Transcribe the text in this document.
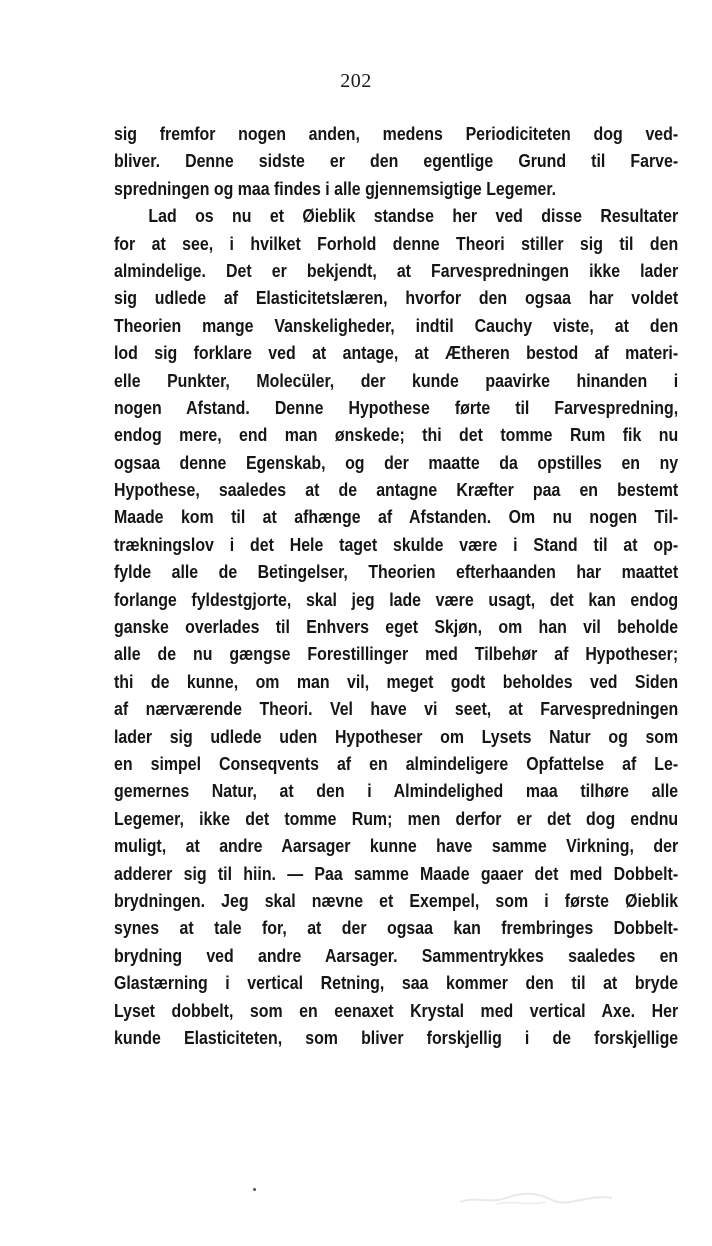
202
sig fremfor nogen anden, medens Periodiciteten dog ved-
bliver. Denne sidste er den egentlige Grund til Farve-
spredningen og maa findes i alle gjennemsigtige Legemer.
Lad os nu et Øieblik standse her ved disse Resultater
for at see, i hvilket Forhold denne Theori stiller sig til den
almindelige. Det er bekjendt, at Farvespredningen ikke lader
sig udlede af Elasticitetslæren, hvorfor den ogsaa har voldet
Theorien mange Vanskeligheder, indtil Cauchy viste, at den
lod sig forklare ved at antage, at Ætheren bestod af materi-
elle Punkter, Molecüler, der kunde paavirke hinanden i
nogen Afstand. Denne Hypothese førte til Farvespredning,
endog mere, end man ønskede; thi det tomme Rum fik nu
ogsaa denne Egenskab, og der maatte da opstilles en ny
Hypothese, saaledes at de antagne Kræfter paa en bestemt
Maade kom til at afhænge af Afstanden. Om nu nogen Til-
trækningslov i det Hele taget skulde være i Stand til at op-
fylde alle de Betingelser, Theorien efterhaanden har maattet
forlange fyldestgjorte, skal jeg lade være usagt, det kan endog
ganske overlades til Enhvers eget Skjøn, om han vil beholde
alle de nu gængse Forestillinger med Tilbehør af Hypotheser;
thi de kunne, om man vil, meget godt beholdes ved Siden
af nærværende Theori. Vel have vi seet, at Farvespredningen
lader sig udlede uden Hypotheser om Lysets Natur og som
en simpel Conseqvents af en almindeligere Opfattelse af Le-
gemernes Natur, at den i Almindelighed maa tilhøre alle
Legemer, ikke det tomme Rum; men derfor er det dog endnu
muligt, at andre Aarsager kunne have samme Virkning, der
adderer sig til hiin. — Paa samme Maade gaaer det med Dobbelt-
brydningen. Jeg skal nævne et Exempel, som i første Øieblik
synes at tale for, at der ogsaa kan frembringes Dobbelt-
brydning ved andre Aarsager. Sammentrykkes saaledes en
Glastærning i vertical Retning, saa kommer den til at bryde
Lyset dobbelt, som en eenaxet Krystal med vertical Axe. Her
kunde Elasticiteten, som bliver forskjellig i de forskjellige
